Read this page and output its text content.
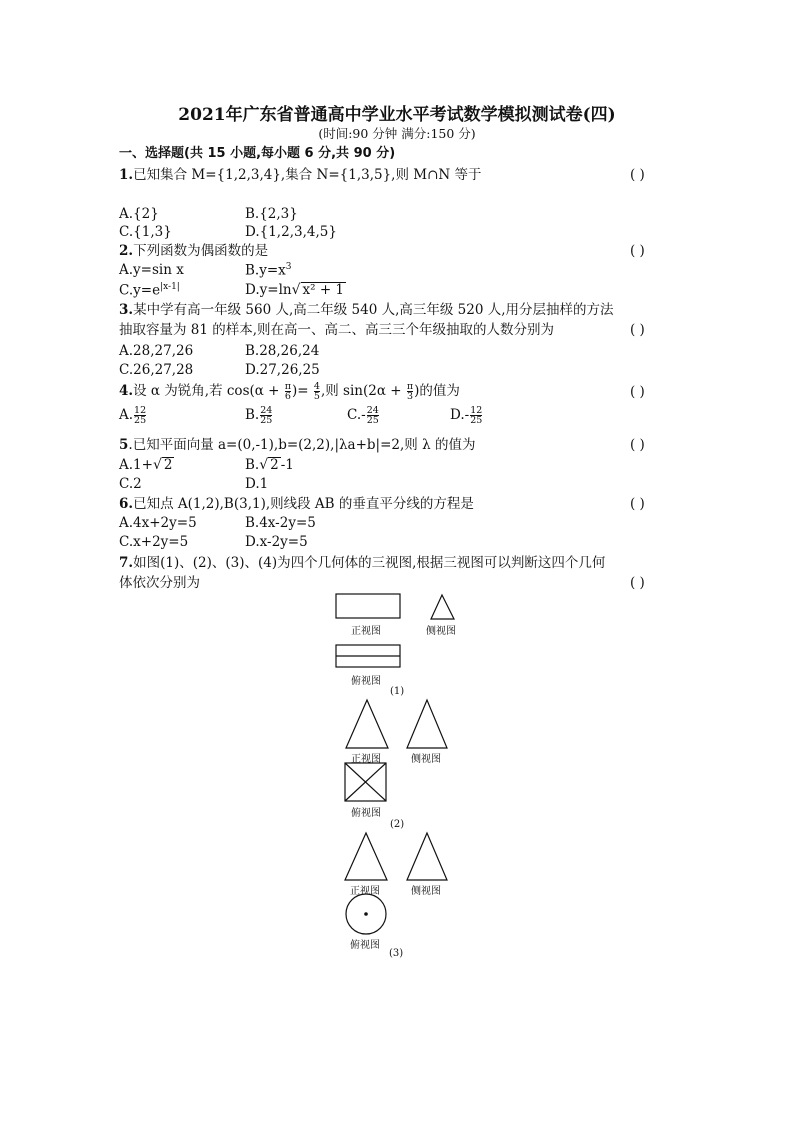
2021年广东省普通高中学业水平考试数学模拟测试卷(四)
(时间:90 分钟 满分:150 分)
一、选择题(共 15 小题,每小题 6 分,共 90 分)
1.已知集合 M={1,2,3,4},集合 N={1,3,5},则 M∩N 等于	( )
A.{2}	B.{2,3}
C.{1,3}	D.{1,2,3,4,5}
2.下列函数为偶函数的是	( )
A.y=sin x	$B.y=x^3$
$C.y=e^{|x-1|}$	D.y=ln√ x² + 1
3.某中学有高一年级 560 人,高二年级 540 人,高三年级 520 人,用分层抽样的方法
抽取容量为 81 的样本,则在高一、高二、高三三个年级抽取的人数分别为	( )
A.28,27,26	B.28,26,24
C.26,27,28	D.27,26,25
4.设 α 为锐角,若 $\cos(\alpha + \frac{\pi}{6}$ )= $\frac{4}{5}$ ,则 $\sin(2\alpha + \frac{\pi}{3}$ )的值为	( )
A. $\frac{12}{25}$	B. $\frac{24}{25}$	$C.- \frac{24}{25}$	$D.- \frac{12}{25}$
5.已知平面向量 a=(0,-1),b=(2,2),|λa+b|=2,则 λ 的值为	( )
A.1+√ 2	B.√ 2 -1
C.2	D.1
6.已知点 A(1,2),B(3,1),则线段 AB 的垂直平分线的方程是	( )
A.4x+2y=5	B.4x-2y=5
C.x+2y=5	D.x-2y=5
7.如图(1)、(2)、(3)、(4)为四个几何体的三视图,根据三视图可以判断这四个几何
体依次分别为	( )
正视图	侧视图
俯视图
(1)
正视图	侧视图
俯视图
(2)
正视图	侧视图
俯视图
(3)
